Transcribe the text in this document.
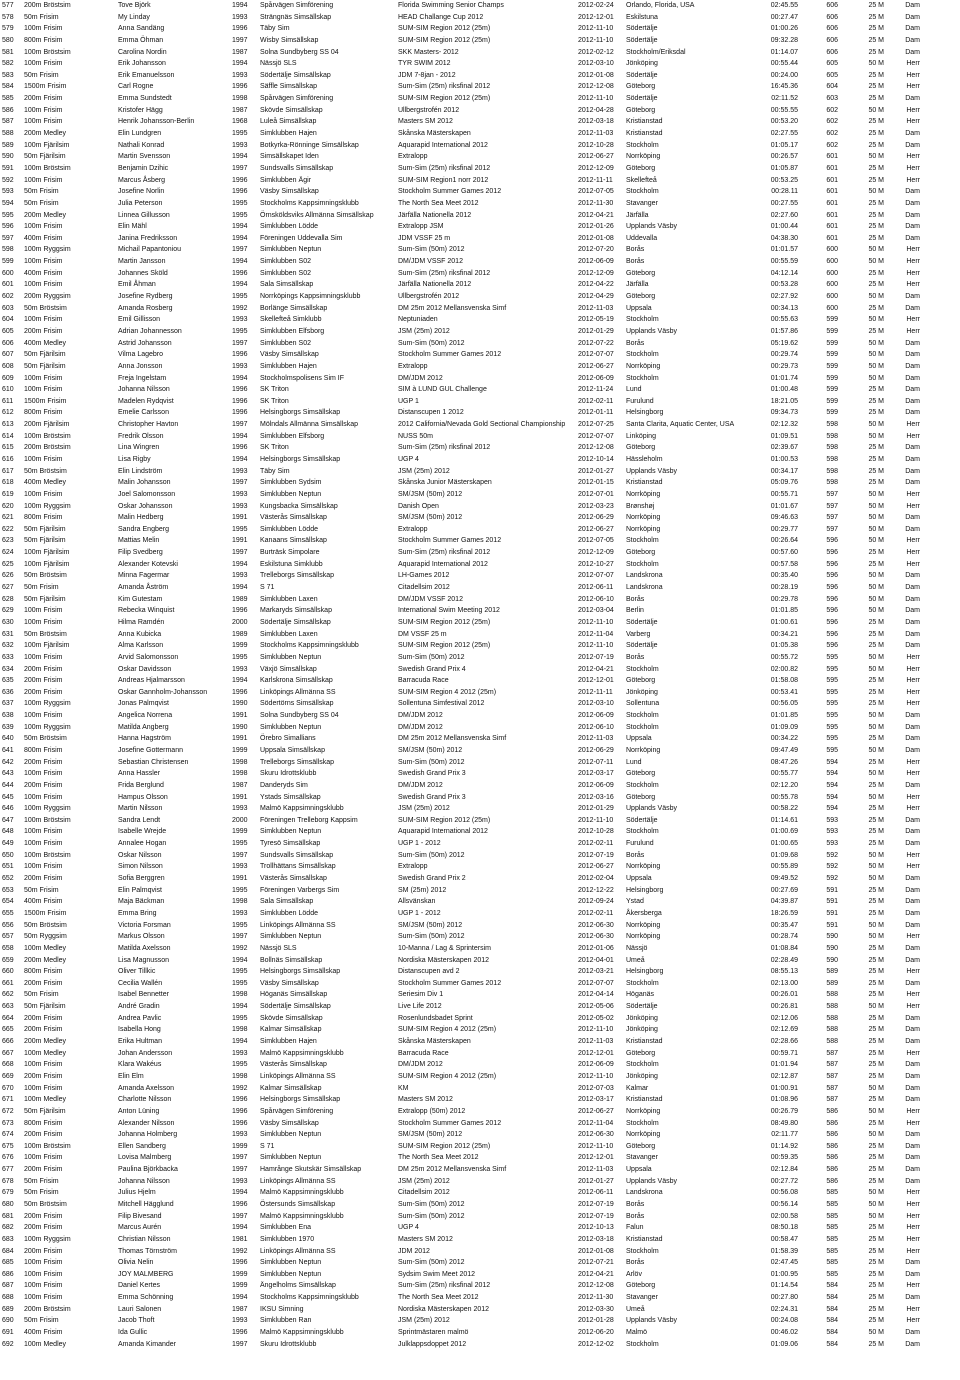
577	200m Bröstsim	Tove Björk	1994	Spårvägen Simförening	Florida Swimming Senior Champs	2012-02-24	Orlando, Florida, USA	02:45.55	606	25 M	Dam
578	50m Frisim	My Linday	1993	Strängnäs Simsällskap	HEAD Challange Cup 2012	2012-12-01	Eskilstuna	00:27.47	606	25 M	Dam
579	100m Frisim	Anna Sandäng	1996	Täby Sim	SUM-SIM Region 2012 (25m)	2012-11-10	Södertälje	01:00.26	606	25 M	Dam
580	800m Frisim	Emma Öhman	1997	Wisby Simsällskap	SUM-SIM Region 2012 (25m)	2012-11-10	Södertälje	09:32.28	606	25 M	Dam
581	100m Bröstsim	Carolina Nordin	1987	Solna Sundbyberg SS 04	SKK Masters- 2012	2012-02-12	Stockholm/Eriksdal	01:14.07	606	25 M	Dam
582	100m Frisim	Erik Johansson	1994	Nässjö SLS	TYR SWIM 2012	2012-03-10	Jönköping	00:55.44	605	50 M	Herr
583	50m Frisim	Erik Emanuelsson	1993	Södertälje Simsällskap	JDM 7-8jan - 2012	2012-01-08	Södertälje	00:24.00	605	25 M	Herr
584	1500m Frisim	Carl Rogne	1996	Säffle Simsällskap	Sum-Sim (25m) riksfinal 2012	2012-12-08	Göteborg	16:45.36	604	25 M	Herr
585	200m Frisim	Emma Sundstedt	1998	Spårvägen Simförening	SUM-SIM Region 2012 (25m)	2012-11-10	Södertälje	02:11.52	603	25 M	Dam
586	100m Frisim	Kristofer Hägg	1987	Skövde Simsällskap	Ullbergstrofén 2012	2012-04-28	Göteborg	00:55.55	602	50 M	Herr
587	100m Frisim	Henrik Johansson-Berlin	1968	Luleå Simsällskap	Masters SM 2012	2012-03-18	Kristianstad	00:53.20	602	25 M	Herr
588	200m Medley	Elin Lundgren	1995	Simklubben Hajen	Skånska Mästerskapen	2012-11-03	Kristianstad	02:27.55	602	25 M	Dam
589	100m Fjärilsim	Nathali Konrad	1993	Botkyrka-Rönninge Simsällskap	Aquarapid International 2012	2012-10-28	Stockholm	01:05.17	602	25 M	Dam
590	50m Fjärilsim	Martin Svensson	1994	Simsällskapet Iden	Extralopp	2012-06-27	Norrköping	00:26.57	601	50 M	Herr
591	100m Bröstsim	Benjamin Dzihic	1997	Sundsvalls Simsällskap	Sum-Sim (25m) riksfinal 2012	2012-12-09	Göteborg	01:05.87	601	25 M	Herr
592	100m Frisim	Marcus Åsberg	1996	Simklubben Ägir	SUM-SIM Region1 norr 2012	2012-11-11	Skellefteå	00:53.25	601	25 M	Herr
593	50m Frisim	Josefine Norlin	1996	Väsby Simsällskap	Stockholm Summer Games 2012	2012-07-05	Stockholm	00:28.11	601	50 M	Dam
594	50m Frisim	Julia Peterson	1995	Stockholms Kappsimningsklubb	The North Sea Meet 2012	2012-11-30	Stavanger	00:27.55	601	25 M	Dam
595	200m Medley	Linnea Gillusson	1995	Örnsköldsviks Allmänna Simsällskap	Järfälla Nationella 2012	2012-04-21	Järfälla	02:27.60	601	25 M	Dam
596	100m Frisim	Elin Mähl	1994	Simklubben Lödde	Extralopp JSM	2012-01-26	Upplands Väsby	01:00.44	601	25 M	Dam
597	400m Frisim	Janina Fredriksson	1994	Föreningen Uddevalla Sim	JDM VSSF 25 m	2012-01-08	Uddevalla	04:38.30	601	25 M	Dam
598	100m Ryggsim	Michail Papantoniou	1997	Simklubben Neptun	Sum-Sim (50m) 2012	2012-07-20	Borås	01:01.57	600	50 M	Herr
599	100m Frisim	Martin Jansson	1994	Simklubben S02	DM/JDM VSSF 2012	2012-06-09	Borås	00:55.59	600	50 M	Herr
600	400m Frisim	Johannes Sköld	1996	Simklubben S02	Sum-Sim (25m) riksfinal 2012	2012-12-09	Göteborg	04:12.14	600	25 M	Herr
601	100m Frisim	Emil Åhman	1994	Sala Simsällskap	Järfälla Nationella 2012	2012-04-22	Järfälla	00:53.28	600	25 M	Herr
602	200m Ryggsim	Josefine Rydberg	1995	Norrköpings Kappsimningsklubb	Ullbergstrofén 2012	2012-04-29	Göteborg	02:27.92	600	50 M	Dam
603	50m Bröstsim	Amanda Rosberg	1992	Borlänge Simsällskap	DM 25m 2012 Mellansvenska Simf	2012-11-03	Uppsala	00:34.13	600	25 M	Dam
604	100m Frisim	Emil Gillisson	1993	Skellefteå Simklubb	Neptuniaden	2012-05-19	Stockholm	00:55.63	599	50 M	Herr
605	200m Frisim	Adrian Johannesson	1995	Simklubben Elfsborg	JSM (25m) 2012	2012-01-29	Upplands Väsby	01:57.86	599	25 M	Herr
606	400m Medley	Astrid Johansson	1997	Simklubben S02	Sum-Sim (50m) 2012	2012-07-22	Borås	05:19.62	599	50 M	Dam
607	50m Fjärilsim	Vilma Lagebro	1996	Väsby Simsällskap	Stockholm Summer Games 2012	2012-07-07	Stockholm	00:29.74	599	50 M	Dam
608	50m Fjärilsim	Anna Jonsson	1993	Simklubben Hajen	Extralopp	2012-06-27	Norrköping	00:29.73	599	50 M	Dam
609	100m Frisim	Freja Ingelstam	1994	Stockholmspolisens Sim IF	DM/JDM 2012	2012-06-09	Stockholm	01:01.74	599	50 M	Dam
610	100m Frisim	Johanna Nilsson	1996	SK Triton	SIM à LUND GUL Challenge	2012-11-24	Lund	01:00.48	599	25 M	Dam
611	1500m Frisim	Madelen Rydqvist	1996	SK Triton	UGP 1	2012-02-11	Furulund	18:21.05	599	25 M	Dam
612	800m Frisim	Emelie Carlsson	1996	Helsingborgs Simsällskap	Distanscupen 1 2012	2012-01-11	Helsingborg	09:34.73	599	25 M	Dam
613	200m Fjärilsim	Christopher Havton	1997	Mölndals Allmänna Simsällskap	2012 California/Nevada Gold Sectional Championship	2012-07-25	Santa Clarita, Aquatic Center, USA	02:12.32	598	50 M	Herr
614	100m Bröstsim	Fredrik Olsson	1994	Simklubben Elfsborg	NUSS 50m	2012-07-07	Linköping	01:09.51	598	50 M	Herr
615	200m Bröstsim	Lina Wingren	1996	SK Triton	Sum-Sim (25m) riksfinal 2012	2012-12-08	Göteborg	02:39.67	598	25 M	Dam
616	100m Frisim	Lisa Rigby	1994	Helsingborgs Simsällskap	UGP 4	2012-10-14	Hässleholm	01:00.53	598	25 M	Dam
617	50m Bröstsim	Elin Lindström	1993	Täby Sim	JSM (25m) 2012	2012-01-27	Upplands Väsby	00:34.17	598	25 M	Dam
618	400m Medley	Malin Johansson	1997	Simklubben Sydsim	Skånska Junior Mästerskapen	2012-01-15	Kristianstad	05:09.76	598	25 M	Dam
619	100m Frisim	Joel Salomonsson	1993	Simklubben Neptun	SM/JSM (50m) 2012	2012-07-01	Norrköping	00:55.71	597	50 M	Herr
620	100m Ryggsim	Oskar Johansson	1993	Kungsbacka Simsällskap	Danish Open	2012-03-23	Brønshøj	01:01.67	597	50 M	Herr
621	800m Frisim	Malin Hedberg	1991	Västerås Simsällskap	SM/JSM (50m) 2012	2012-06-29	Norrköping	09:46.63	597	50 M	Dam
622	50m Fjärilsim	Sandra Engberg	1995	Simklubben Lödde	Extralopp	2012-06-27	Norrköping	00:29.77	597	50 M	Dam
623	50m Fjärilsim	Mattias Melin	1991	Kanaans Simsällskap	Stockholm Summer Games 2012	2012-07-05	Stockholm	00:26.64	596	50 M	Herr
624	100m Fjärilsim	Filip Svedberg	1997	Burträsk Simpolare	Sum-Sim (25m) riksfinal 2012	2012-12-09	Göteborg	00:57.60	596	25 M	Herr
625	100m Fjärilsim	Alexander Kotevski	1994	Eskilstuna Simklubb	Aquarapid International 2012	2012-10-27	Stockholm	00:57.58	596	25 M	Herr
626	50m Bröstsim	Minna Fagermar	1993	Trelleborgs Simsällskap	LH-Games 2012	2012-07-07	Landskrona	00:35.40	596	50 M	Dam
627	50m Frisim	Amanda Åström	1994	S 71	Citadellsim 2012	2012-06-11	Landskrona	00:28.19	596	50 M	Dam
628	50m Fjärilsim	Kim Gutestam	1989	Simklubben Laxen	DM/JDM VSSF 2012	2012-06-10	Borås	00:29.78	596	50 M	Dam
629	100m Frisim	Rebecka Winquist	1996	Markaryds Simsällskap	International Swim Meeting 2012	2012-03-04	Berlin	01:01.85	596	50 M	Dam
630	100m Frisim	Hilma Ramdén	2000	Södertälje Simsällskap	SUM-SIM Region 2012 (25m)	2012-11-10	Södertälje	01:00.61	596	25 M	Dam
631	50m Bröstsim	Anna Kubicka	1989	Simklubben Laxen	DM VSSF 25 m	2012-11-04	Varberg	00:34.21	596	25 M	Dam
632	100m Fjärilsim	Alma Karlsson	1999	Stockholms Kappsimningsklubb	SUM-SIM Region 2012 (25m)	2012-11-10	Södertälje	01:05.38	596	25 M	Dam
633	100m Frisim	Arvid Salomonsson	1995	Simklubben Neptun	Sum-Sim (50m) 2012	2012-07-19	Borås	00:55.72	595	50 M	Herr
634	200m Frisim	Oskar Davidsson	1993	Växjö Simsällskap	Swedish Grand Prix 4	2012-04-21	Stockholm	02:00.82	595	50 M	Herr
635	200m Frisim	Andreas Hjalmarsson	1994	Karlskrona Simsällskap	Barracuda Race	2012-12-01	Göteborg	01:58.08	595	25 M	Herr
636	200m Frisim	Oskar Gannholm-Johansson	1996	Linköpings Allmänna SS	SUM-SIM Region 4 2012 (25m)	2012-11-11	Jönköping	00:53.41	595	25 M	Herr
637	100m Ryggsim	Jonas Palmqvist	1990	Södertörns Simsällskap	Sollentuna Simfestival 2012	2012-03-10	Sollentuna	00:56.05	595	25 M	Herr
638	100m Frisim	Angelica Norrena	1991	Solna Sundbyberg SS 04	DM/JDM 2012	2012-06-09	Stockholm	01:01.85	595	50 M	Dam
639	100m Ryggsim	Matilda Angberg	1990	Simklubben Neptun	DM/JDM 2012	2012-06-10	Stockholm	01:09.09	595	50 M	Dam
640	50m Bröstsim	Hanna Hagström	1991	Örebro Simallians	DM 25m 2012 Mellansvenska Simf	2012-11-03	Uppsala	00:34.22	595	25 M	Dam
641	800m Frisim	Josefine Gottermann	1999	Uppsala Simsällskap	SM/JSM (50m) 2012	2012-06-29	Norrköping	09:47.49	595	50 M	Dam
642	200m Frisim	Sebastian Christensen	1998	Trelleborgs Simsällskap	Sum-Sim (50m) 2012	2012-07-11	Lund	08:47.26	594	25 M	Herr
643	100m Frisim	Anna Hassler	1998	Skuru Idrottsklubb	Swedish Grand Prix 3	2012-03-17	Göteborg	00:55.77	594	50 M	Herr
644	200m Frisim	Frida Berglund	1987	Danderyds Sim	DM/JDM 2012	2012-06-09	Stockholm	02:12.20	594	25 M	Dam
645	100m Frisim	Hampus Olsson	1991	Ystads Simsällskap	Swedish Grand Prix 3	2012-03-16	Göteborg	00:55.78	594	50 M	Herr
646	100m Ryggsim	Martin Nilsson	1993	Malmö Kappsimningsklubb	JSM (25m) 2012	2012-01-29	Upplands Väsby	00:58.22	594	25 M	Herr
647	100m Bröstsim	Sandra Lendt	2000	Föreningen Trelleborg Kappsim	SUM-SIM Region 2012 (25m)	2012-11-10	Södertälje	01:14.61	593	25 M	Dam
648	100m Frisim	Isabelle Wrejde	1999	Simklubben Neptun	Aquarapid International 2012	2012-10-28	Stockholm	01:00.69	593	25 M	Dam
649	100m Frisim	Annalee Hogan	1995	Tyresö Simsällskap	UGP 1 - 2012	2012-02-11	Furulund	01:00.65	593	25 M	Dam
650	100m Bröstsim	Oskar Nilsson	1997	Sundsvalls Simsällskap	Sum-Sim (50m) 2012	2012-07-19	Borås	01:09.68	592	50 M	Herr
651	100m Frisim	Simon Nilsson	1993	Trollhättans Simsällskap	Extralopp	2012-06-27	Norrköping	00:55.89	592	50 M	Herr
652	200m Frisim	Sofia Berggren	1991	Västerås Simsällskap	Swedish Grand Prix 2	2012-02-04	Uppsala	09:49.52	592	50 M	Dam
653	50m Frisim	Elin Palmqvist	1995	Föreningen Varbergs Sim	SM (25m) 2012	2012-12-22	Helsingborg	00:27.69	591	25 M	Dam
654	400m Frisim	Maja Bäckman	1998	Sala Simsällskap	Allsvänskan	2012-09-24	Ystad	04:39.87	591	25 M	Dam
655	1500m Frisim	Emma Bring	1993	Simklubben Lödde	UGP 1 - 2012	2012-02-11	Åkersberga	18:26.59	591	25 M	Dam
656	50m Bröstsim	Victoria Forsman	1995	Linköpings Allmänna SS	SM/JSM (50m) 2012	2012-06-30	Norrköping	00:35.47	591	50 M	Dam
657	50m Ryggsim	Markus Olsson	1997	Simklubben Neptun	Sum-Sim (50m) 2012	2012-06-30	Norrköping	00:28.74	590	50 M	Herr
658	100m Medley	Matilda Axelsson	1992	Nässjö SLS	10-Manna / Lag & Sprintersim	2012-01-06	Nässjö	01:08.84	590	25 M	Dam
659	200m Medley	Lisa Magnusson	1994	Bollnäs Simsällskap	Nordiska Mästerskapen 2012	2012-04-01	Umeå	02:28.49	590	25 M	Dam
660	800m Frisim	Oliver Tillkic	1995	Helsingborgs Simsällskap	Distanscupen avd 2	2012-03-21	Helsingborg	08:55.13	589	25 M	Herr
661	200m Frisim	Cecilia Wallén	1995	Väsby Simsällskap	Stockholm Summer Games 2012	2012-07-07	Stockholm	02:13.00	589	25 M	Dam
662	50m Frisim	Isabel Bennetter	1998	Höganäs Simsällskap	Seriesim Div 1	2012-04-14	Höganäs	00:26.01	588	25 M	Herr
663	50m Fjärilsim	André Gradin	1994	Södertälje Simsällskap	Live Life 2012	2012-05-06	Södertälje	00:26.81	588	50 M	Herr
664	200m Frisim	Andrea Pavlic	1995	Skövde Simsällskap	Rosenlundsbadet Sprint	2012-05-02	Jönköping	02:12.06	588	25 M	Dam
665	200m Frisim	Isabella Hong	1998	Kalmar Simsällskap	SUM-SIM Region 4 2012 (25m)	2012-11-10	Jönköping	02:12.69	588	25 M	Dam
666	200m Medley	Erika Hultman	1994	Simklubben Hajen	Skånska Mästerskapen	2012-11-03	Kristianstad	02:28.66	588	25 M	Dam
667	100m Medley	Johan Andersson	1993	Malmö Kappsimningsklubb	Barracuda Race	2012-12-01	Göteborg	00:59.71	587	25 M	Herr
668	100m Frisim	Klara Wakéus	1995	Västerås Simsällskap	DM/JDM 2012	2012-06-09	Stockholm	01:01.94	587	25 M	Dam
669	200m Frisim	Elin Elm	1998	Linköpings Allmänna SS	SUM-SIM Region 4 2012 (25m)	2012-11-10	Jönköping	02:12.87	587	25 M	Dam
670	100m Frisim	Amanda Axelsson	1992	Kalmar Simsällskap	KM	2012-07-03	Kalmar	01:00.91	587	50 M	Dam
671	100m Medley	Charlotte Nilsson	1996	Helsingborgs Simsällskap	Masters SM 2012	2012-03-17	Kristianstad	01:08.96	587	25 M	Dam
672	50m Fjärilsim	Anton Lüning	1996	Spårvägen Simförening	Extralopp (50m) 2012	2012-06-27	Norrköping	00:26.79	586	50 M	Herr
673	800m Frisim	Alexander Nilsson	1996	Väsby Simsällskap	Stockholm Summer Games 2012	2012-11-04	Stockholm	08:49.80	586	25 M	Herr
674	200m Frisim	Johanna Holmberg	1993	Simklubben Neptun	SM/JSM (50m) 2012	2012-06-30	Norrköping	02:11.77	586	50 M	Dam
675	100m Bröstsim	Ellen Sandberg	1999	S 71	SUM-SIM Region 2012 (25m)	2012-11-10	Göteborg	01:14.92	586	25 M	Dam
676	100m Frisim	Lovisa Malmberg	1997	Simklubben Neptun	The North Sea Meet 2012	2012-12-01	Stavanger	00:59.35	586	25 M	Dam
677	200m Frisim	Paulina Björkbacka	1997	Hamrånge Skutskär Simsällskap	DM 25m 2012 Mellansvenska Simf	2012-11-03	Uppsala	02:12.84	586	25 M	Dam
678	50m Frisim	Johanna Nilsson	1993	Linköpings Allmänna SS	JSM (25m) 2012	2012-01-27	Upplands Väsby	00:27.72	586	25 M	Dam
679	50m Frisim	Julius Hjelm	1994	Malmö Kappsimningsklubb	Citadellsim 2012	2012-06-11	Landskrona	00:56.08	585	50 M	Herr
680	50m Bröstsim	Mitchell Hägglund	1996	Östersunds Simsällskap	Sum-Sim (50m) 2012	2012-07-19	Borås	00:56.14	585	50 M	Herr
681	200m Frisim	Filip Bivesand	1997	Malmö Kappsimningsklubb	Sum-Sim (50m) 2012	2012-07-19	Borås	02:00.58	585	50 M	Herr
682	200m Frisim	Marcus Aurén	1994	Simklubben Ena	UGP 4	2012-10-13	Falun	08:50.18	585	25 M	Herr
683	100m Ryggsim	Christian Nilsson	1981	Simklubben 1970	Masters SM 2012	2012-03-18	Kristianstad	00:58.47	585	25 M	Herr
684	200m Frisim	Thomas Törnström	1992	Linköpings Allmänna SS	JDM 2012	2012-01-08	Stockholm	01:58.39	585	25 M	Herr
685	100m Frisim	Olivia Nelin	1996	Simklubben Neptun	Sum-Sim (50m) 2012	2012-07-21	Borås	02:47.45	585	25 M	Dam
686	100m Frisim	JOY MALMBERG	1999	Simklubben Neptun	Sydsim Swim Meet 2012	2012-04-21	Arlöv	01:00.95	585	25 M	Dam
687	100m Frisim	Daniel Kertes	1999	Ängelholms Simsällskap	Sum-Sim (25m) riksfinal 2012	2012-12-08	Göteborg	01:14.54	584	25 M	Herr
688	100m Frisim	Emma Schönning	1994	Stockholms Kappsimningsklubb	The North Sea Meet 2012	2012-11-30	Stavanger	00:27.80	584	25 M	Dam
689	200m Bröstsim	Lauri Salonen	1987	IKSU Simning	Nordiska Mästerskapen 2012	2012-03-30	Umeå	02:24.31	584	25 M	Herr
690	50m Frisim	Jacob Thoft	1993	Simklubben Ran	JSM (25m) 2012	2012-01-28	Upplands Väsby	00:24.08	584	25 M	Herr
691	400m Frisim	Ida Gullic	1996	Malmö Kappsimningsklubb	Sprintmästaren malmö	2012-06-20	Malmö	00:46.02	584	50 M	Dam
692	100m Medley	Amanda Kimander	1997	Skuru Idrottsklubb	Julklappsdoppet 2012	2012-12-02	Stockholm	01:09.06	584	25 M	Dam
